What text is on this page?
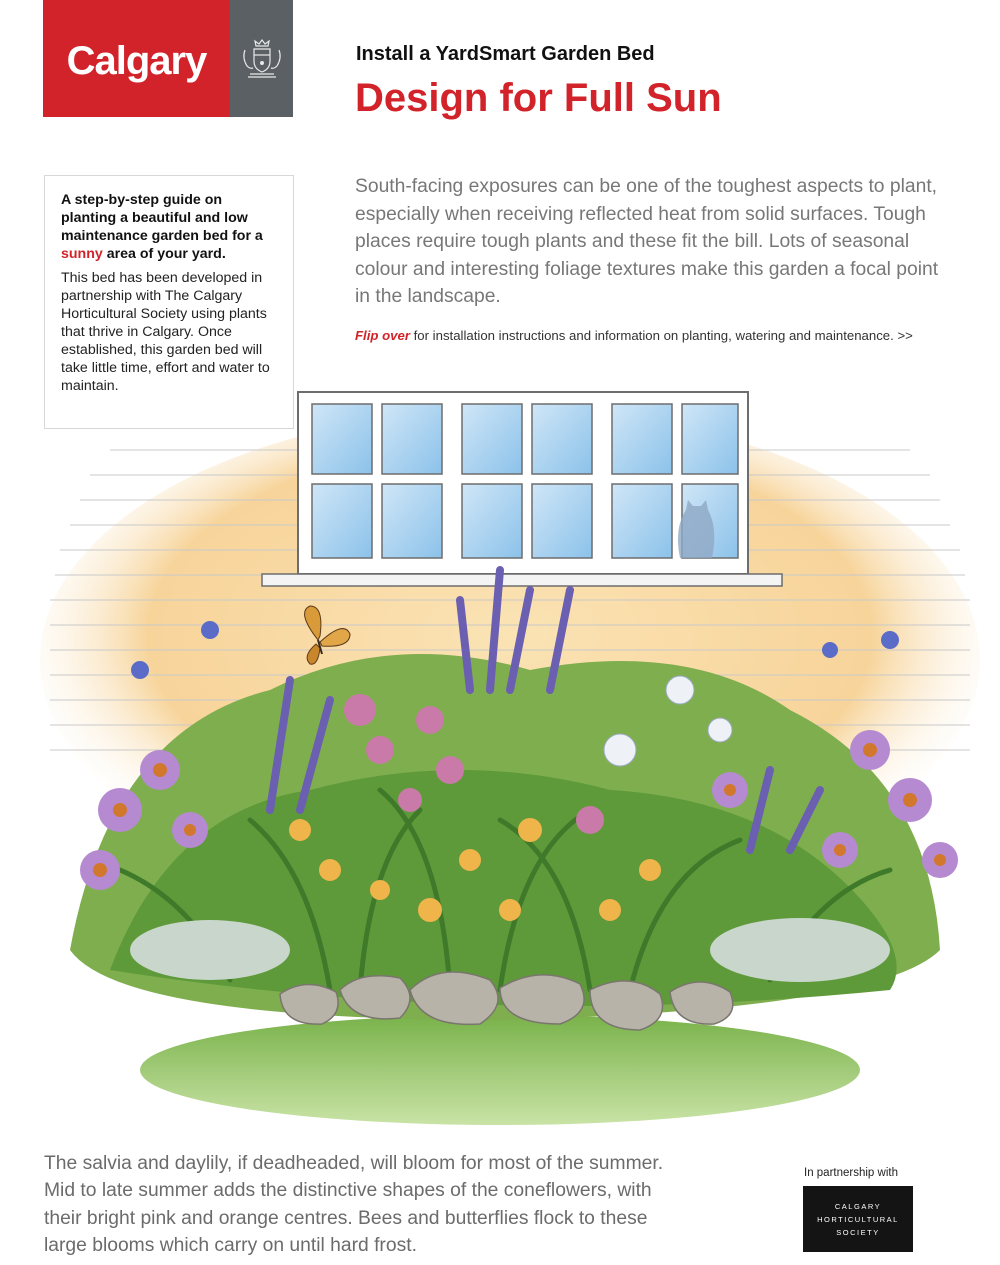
Calgary	Install a YardSmart Garden Bed
Design for Full Sun

A step-by-step guide on planting a beautiful and low maintenance garden bed for a sunny area of your yard.

This bed has been developed in partnership with The Calgary Horticultural Society using plants that thrive in Calgary. Once established, this garden bed will take little time, effort and water to maintain.

South-facing exposures can be one of the toughest aspects to plant, especially when receiving reflected heat from solid surfaces. Tough places require tough plants and these fit the bill. Lots of seasonal colour and interesting foliage textures make this garden a focal point in the landscape.

Flip over for installation instructions and information on planting, watering and maintenance. >>

The salvia and daylily, if deadheaded, will bloom for most of the summer. Mid to late summer adds the distinctive shapes of the coneflowers, with their bright pink and orange centres. Bees and butterflies flock to these large blooms which carry on until hard frost.

In partnership with
CALGARY
HORTICULTURAL
SOCIETY
